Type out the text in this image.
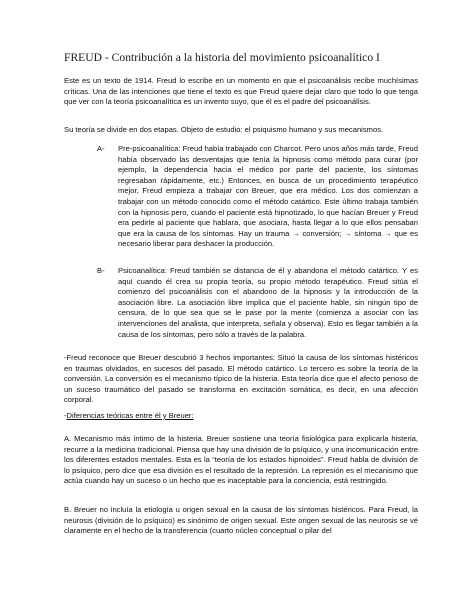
FREUD - Contribución a la historia del movimiento psicoanalítico I
Este es un texto de 1914. Freud lo escribe en un momento en que el psicoanálisis recibe muchísimas críticas. Una de las intenciones que tiene el texto es que Freud quiere dejar claro que todo lo que tenga que ver con la teoría psicoanalítica es un invento suyo, que él es el padre del psicoanálisis.
Su teoría se divide en dos etapas. Objeto de estudio: el psiquismo humano y sus mecanismos.
A- Pre-psicoanalítica: Freud había trabajado con Charcot. Pero unos años más tarde, Freud había observado las desventajas que tenía la hipnosis como método para curar (por ejemplo, la dependencia hacia el médico por parte del paciente, los síntomas regresaban rápidamente, etc.) Entonces, en busca de un procedimiento terapéutico mejor, Freud empieza a trabajar con Breuer, que era médico. Los dos comienzan a trabajar con un método conocido como el método catártico. Este último trabaja también con la hipnosis pero, cuando el paciente está hipnotizado, lo que hacían Breuer y Freud era pedirle al paciente que hablara, que asociara, hasta llegar a lo que ellos pensaban que era la causa de los síntomas. Hay un trauma → conversión; → síntoma → que es necesario liberar para deshacer la producción.
B- Psicoanalítica: Freud también se distancia de él y abandona el método catártico. Y es aquí cuando él crea su propia teoría, su propio método terapéutico. Freud sitúa el comienzo del psicoanálisis con el abandono de la hipnosis y la introducción de la asociación libre. La asociación libre implica que el paciente hable, sin ningún tipo de censura, de lo que sea que se le pase por la mente (comienza a asociar con las intervenciones del analista, que interpreta, señala y observa). Esto es llegar también a la causa de los síntomas, pero sólo a través de la palabra.
-Freud reconoce que Breuer descubrió 3 hechos importantes: Situó la causa de los síntomas histéricos en traumas olvidados, en sucesos del pasado. El método catártico. Lo tercero es sobre la teoría de la conversión. La conversión es el mecanismo típico de la histeria. Esta teoría dice que el afecto penoso de un suceso traumático del pasado se transforma en excitación somática, es decir, en una afección corporal.
-Diferencias teóricas entre él y Breuer:
A. Mecanismo más íntimo de la histeria. Breuer sostiene una teoría fisiológica para explicarla histeria, recurre a la medicina tradicional. Piensa que hay una división de lo psíquico, y una incomunicación entre los diferentes estados mentales. Esta es la “teoría de los estados hipnoides”. Freud habla de división de lo psíquico, pero dice que esa división es el resultado de la represión. La represión es el mecanismo que actúa cuando hay un suceso o un hecho que es inaceptable para la conciencia, está restringido.
B. Breuer no incluía la etiología u origen sexual en la causa de los síntomas histéricos. Para Freud, la neurosis (división de lo psíquico) es sinónimo de origen sexual. Este origen sexual de las neurosis se vé claramente en el hecho de la transferencia (cuarto núcleo conceptual o pilar del
